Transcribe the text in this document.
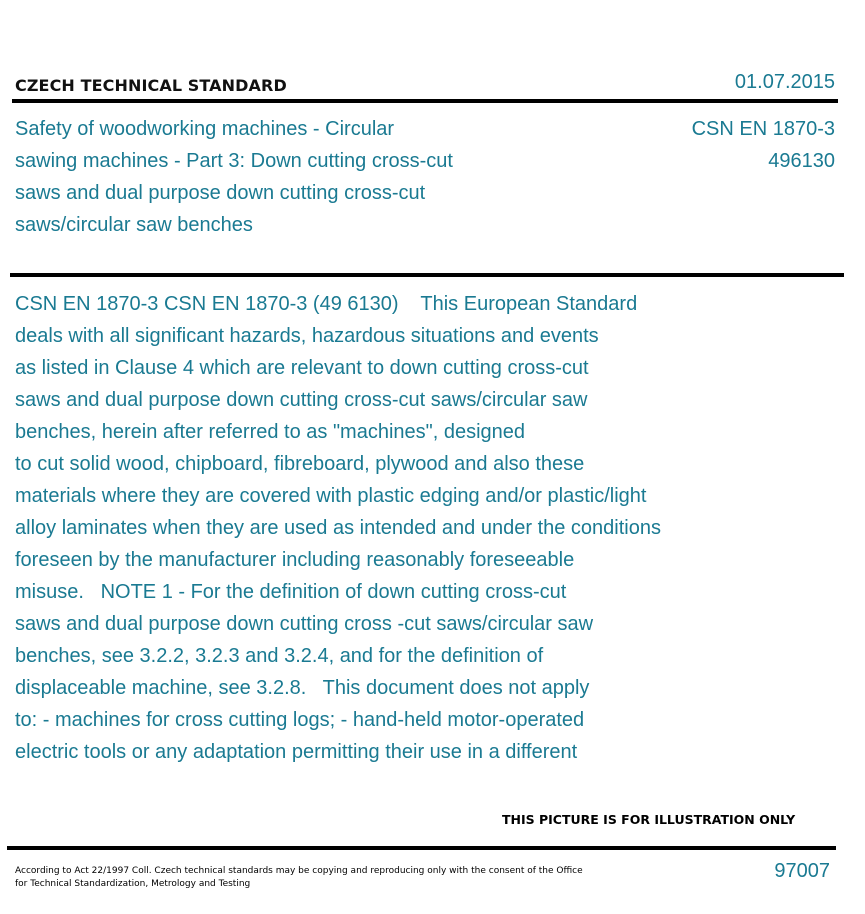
CZECH TECHNICAL STANDARD	01.07.2015
Safety of woodworking machines - Circular
sawing machines - Part 3: Down cutting cross-cut
saws and dual purpose down cutting cross-cut
saws/circular saw benches
CSN EN 1870-3
496130
CSN EN 1870-3 CSN EN 1870-3 (49 6130)    This European Standard
deals with all significant hazards, hazardous situations and events
as listed in Clause 4 which are relevant to down cutting cross-cut
saws and dual purpose down cutting cross-cut saws/circular saw
benches, herein after referred to as "machines", designed
to cut solid wood, chipboard, fibreboard, plywood and also these
materials where they are covered with plastic edging and/or plastic/light
alloy laminates when they are used as intended and under the conditions
foreseen by the manufacturer including reasonably foreseeable
misuse.   NOTE 1 - For the definition of down cutting cross-cut
saws and dual purpose down cutting cross -cut saws/circular saw
benches, see 3.2.2, 3.2.3 and 3.2.4, and for the definition of
displaceable machine, see 3.2.8.   This document does not apply
to: - machines for cross cutting logs; - hand-held motor-operated
electric tools or any adaptation permitting their use in a different
THIS PICTURE IS FOR ILLUSTRATION ONLY
According to Act 22/1997 Coll. Czech technical standards may be copying and reproducing only with the consent of the Office
for Technical Standardization, Metrology and Testing
97007
